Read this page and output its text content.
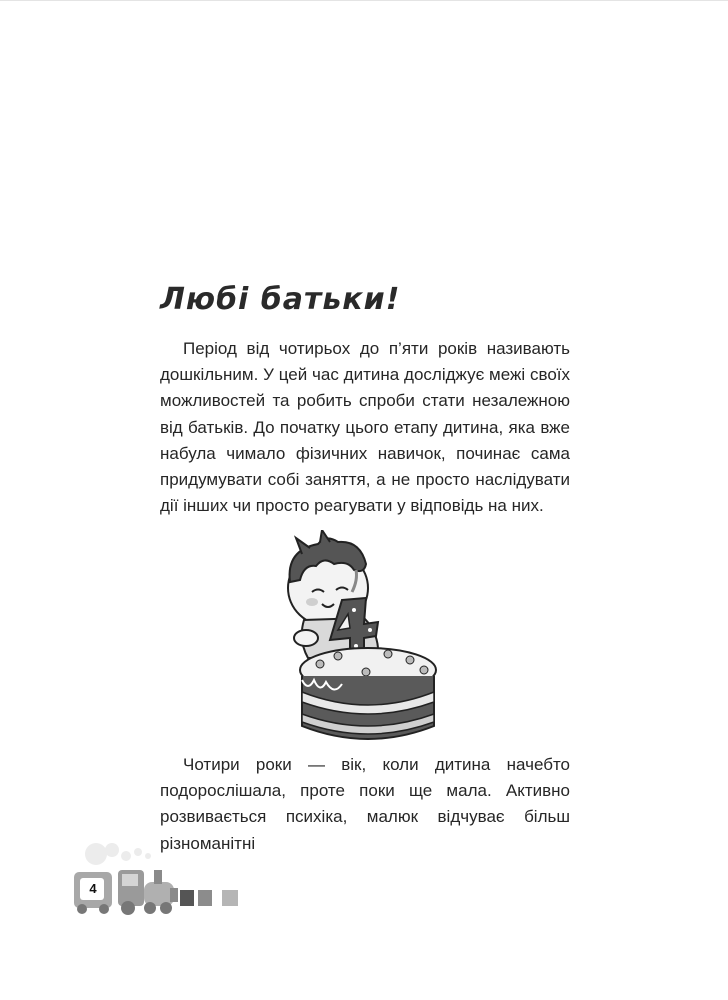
Любі батьки!

Період від чотирьох до п’яти років називають дошкільним. У цей час дитина досліджує межі своїх можливостей та робить спроби стати незалежною від батьків. До початку цього етапу дитина, яка вже набула чимало фізичних навичок, починає сама придумувати собі заняття, а не просто наслідувати дії інших чи просто реагувати у відповідь на них.

Чотири роки — вік, коли дитина начебто подорослішала, проте поки ще мала. Активно розвивається психіка, малюк відчуває більш різноманітні

4
